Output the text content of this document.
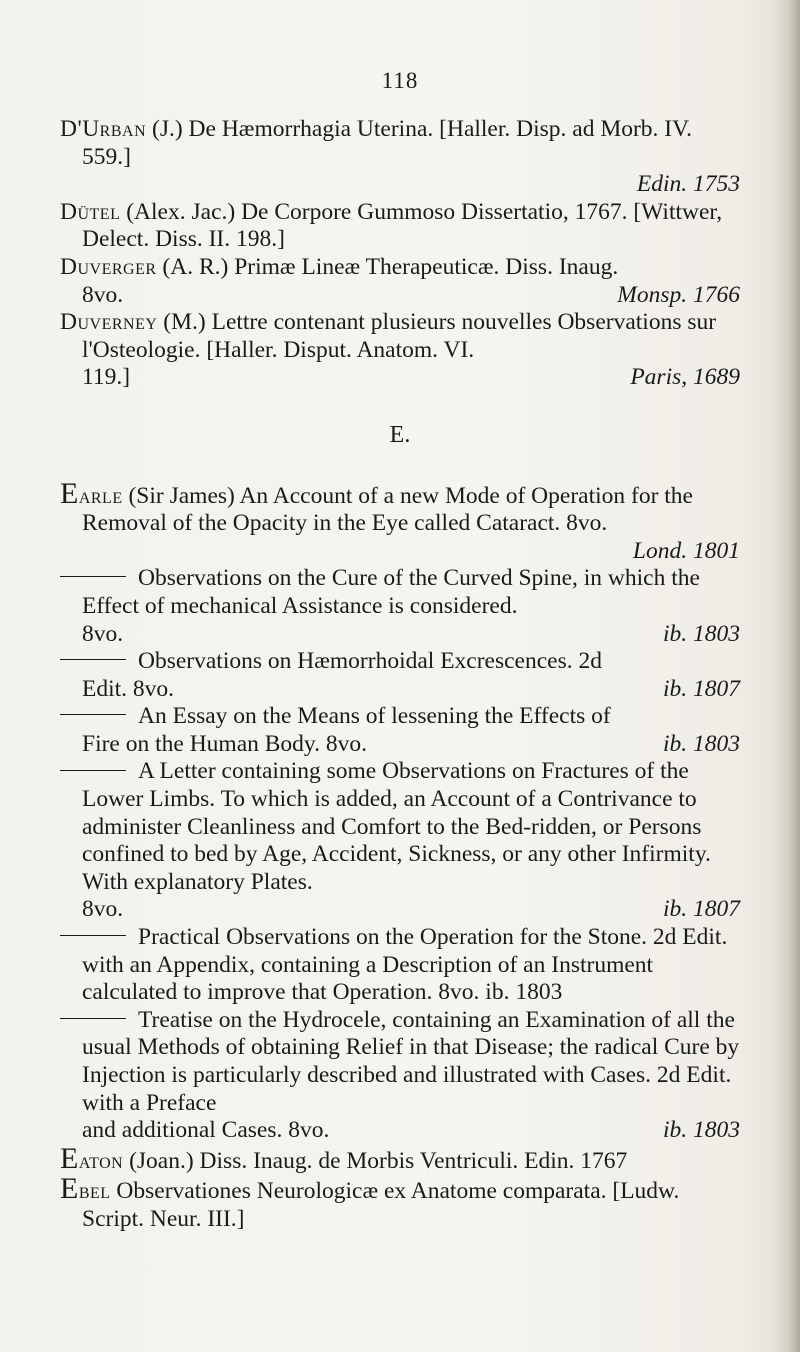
118
D'Urban (J.) De Hæmorrhagia Uterina. [Haller. Disp. ad Morb. IV. 559.]
Edin. 1753
Dütel (Alex. Jac.) De Corpore Gummoso Dissertatio, 1767. [Wittwer, Delect. Diss. II. 198.]
Duverger (A. R.) Primæ Lineæ Therapeuticæ. Diss. Inaug.
8vo.	Monsp. 1766
Duverney (M.) Lettre contenant plusieurs nouvelles Observations sur l'Osteologie. [Haller. Disput. Anatom. VI.
119.]	Paris, 1689
E.
Earle (Sir James) An Account of a new Mode of Operation for the Removal of the Opacity in the Eye called Cataract. 8vo.
Lond. 1801
Observations on the Cure of the Curved Spine, in which the Effect of mechanical Assistance is considered.
8vo.	ib. 1803
Observations on Hæmorrhoidal Excrescences. 2d
Edit. 8vo.	ib. 1807
An Essay on the Means of lessening the Effects of
Fire on the Human Body. 8vo.	ib. 1803
A Letter containing some Observations on Fractures of the Lower Limbs. To which is added, an Account of a Contrivance to administer Cleanliness and Comfort to the Bed-ridden, or Persons confined to bed by Age, Accident, Sickness, or any other Infirmity. With explanatory Plates.
8vo.	ib. 1807
Practical Observations on the Operation for the Stone. 2d Edit. with an Appendix, containing a Description of an Instrument calculated to improve that Operation. 8vo. ib. 1803
Treatise on the Hydrocele, containing an Examination of all the usual Methods of obtaining Relief in that Disease; the radical Cure by Injection is particularly described and illustrated with Cases. 2d Edit. with a Preface
and additional Cases. 8vo.	ib. 1803
Eaton (Joan.) Diss. Inaug. de Morbis Ventriculi. Edin. 1767
Ebel Observationes Neurologicæ ex Anatome comparata. [Ludw. Script. Neur. III.]
